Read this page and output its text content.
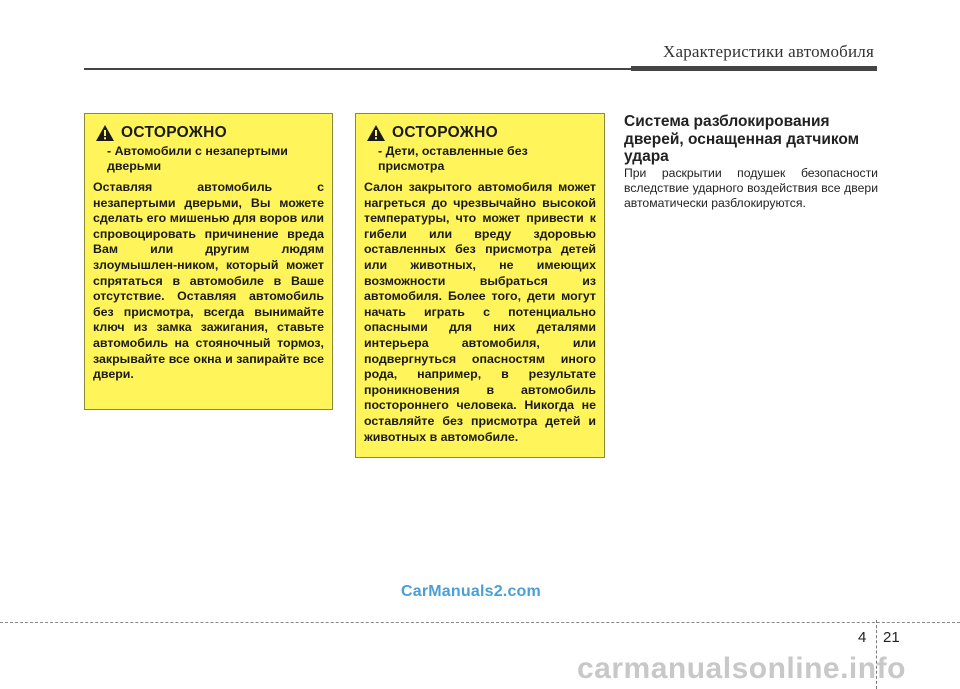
Характеристики автомобиля
ОСТОРОЖНО
- Автомобили с незапертыми дверьми
Оставляя автомобиль с незапертыми дверьми, Вы можете сделать его мишенью для воров или спровоцировать причинение вреда Вам или другим людям злоумышлен-ником, который может спрятаться в автомобиле в Ваше отсутствие. Оставляя автомобиль без присмотра, всегда вынимайте ключ из замка зажигания, ставьте автомобиль на стояночный тормоз, закрывайте все окна и запирайте все двери.
ОСТОРОЖНО
- Дети, оставленные без присмотра
Салон закрытого автомобиля может нагреться до чрезвычайно высокой температуры, что может привести к гибели или вреду здоровью оставленных без присмотра детей или животных, не имеющих возможности выбраться из автомобиля. Более того, дети могут начать играть с потенциально опасными для них деталями интерьера автомобиля, или подвергнуться опасностям иного рода, например, в результате проникновения в автомобиль постороннего человека. Никогда не оставляйте без присмотра детей и животных в автомобиле.
Система разблокирования дверей, оснащенная датчиком удара
При раскрытии подушек безопасности вследствие ударного воздействия все двери автоматически разблокируются.
CarManuals2.com
4 21
carmanualsonline.info
